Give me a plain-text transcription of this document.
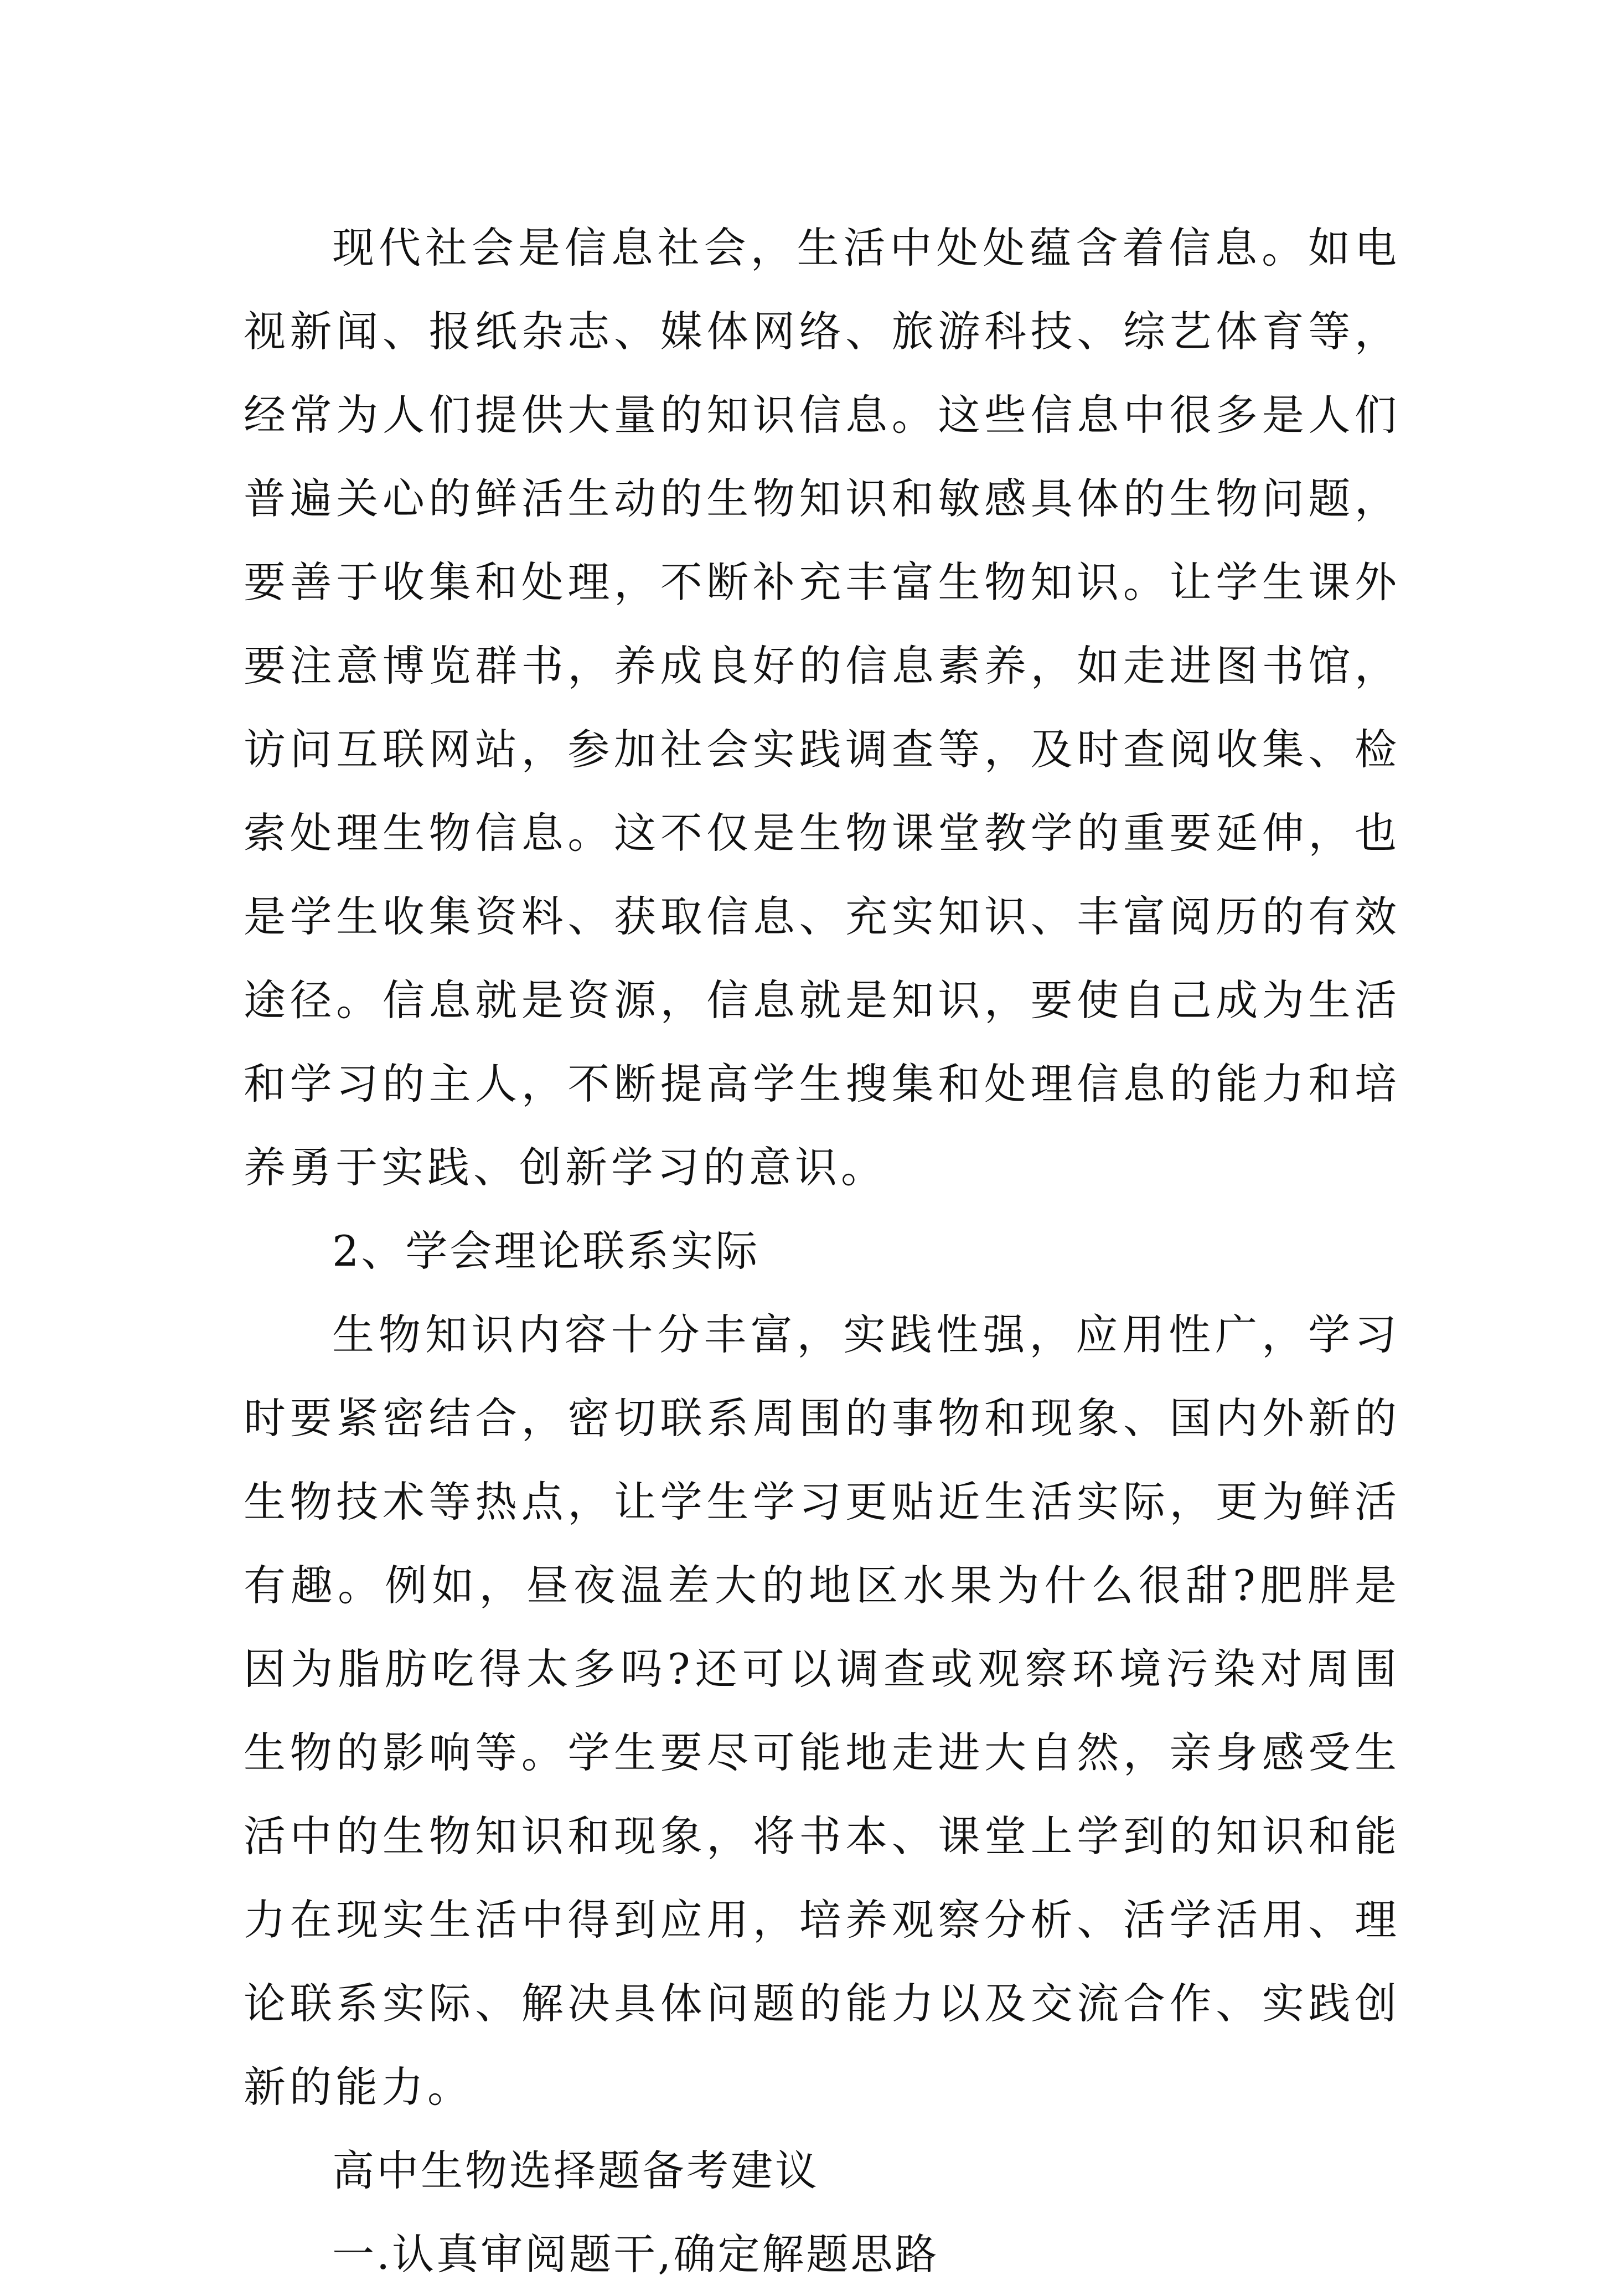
现代社会是信息社会，生活中处处蕴含着信息。如电视新闻、报纸杂志、媒体网络、旅游科技、综艺体育等，经常为人们提供大量的知识信息。这些信息中很多是人们普遍关心的鲜活生动的生物知识和敏感具体的生物问题，要善于收集和处理，不断补充丰富生物知识。让学生课外要注意博览群书，养成良好的信息素养，如走进图书馆，访问互联网站，参加社会实践调查等，及时查阅收集、检索处理生物信息。这不仅是生物课堂教学的重要延伸，也是学生收集资料、获取信息、充实知识、丰富阅历的有效途径。信息就是资源，信息就是知识，要使自己成为生活和学习的主人，不断提高学生搜集和处理信息的能力和培养勇于实践、创新学习的意识。

2、学会理论联系实际

生物知识内容十分丰富，实践性强，应用性广，学习时要紧密结合，密切联系周围的事物和现象、国内外新的生物技术等热点，让学生学习更贴近生活实际，更为鲜活有趣。例如，昼夜温差大的地区水果为什么很甜?肥胖是因为脂肪吃得太多吗?还可以调查或观察环境污染对周围生物的影响等。学生要尽可能地走进大自然，亲身感受生活中的生物知识和现象，将书本、课堂上学到的知识和能力在现实生活中得到应用，培养观察分析、活学活用、理论联系实际、解决具体问题的能力以及交流合作、实践创新的能力。

高中生物选择题备考建议

一.认真审阅题干,确定解题思路
